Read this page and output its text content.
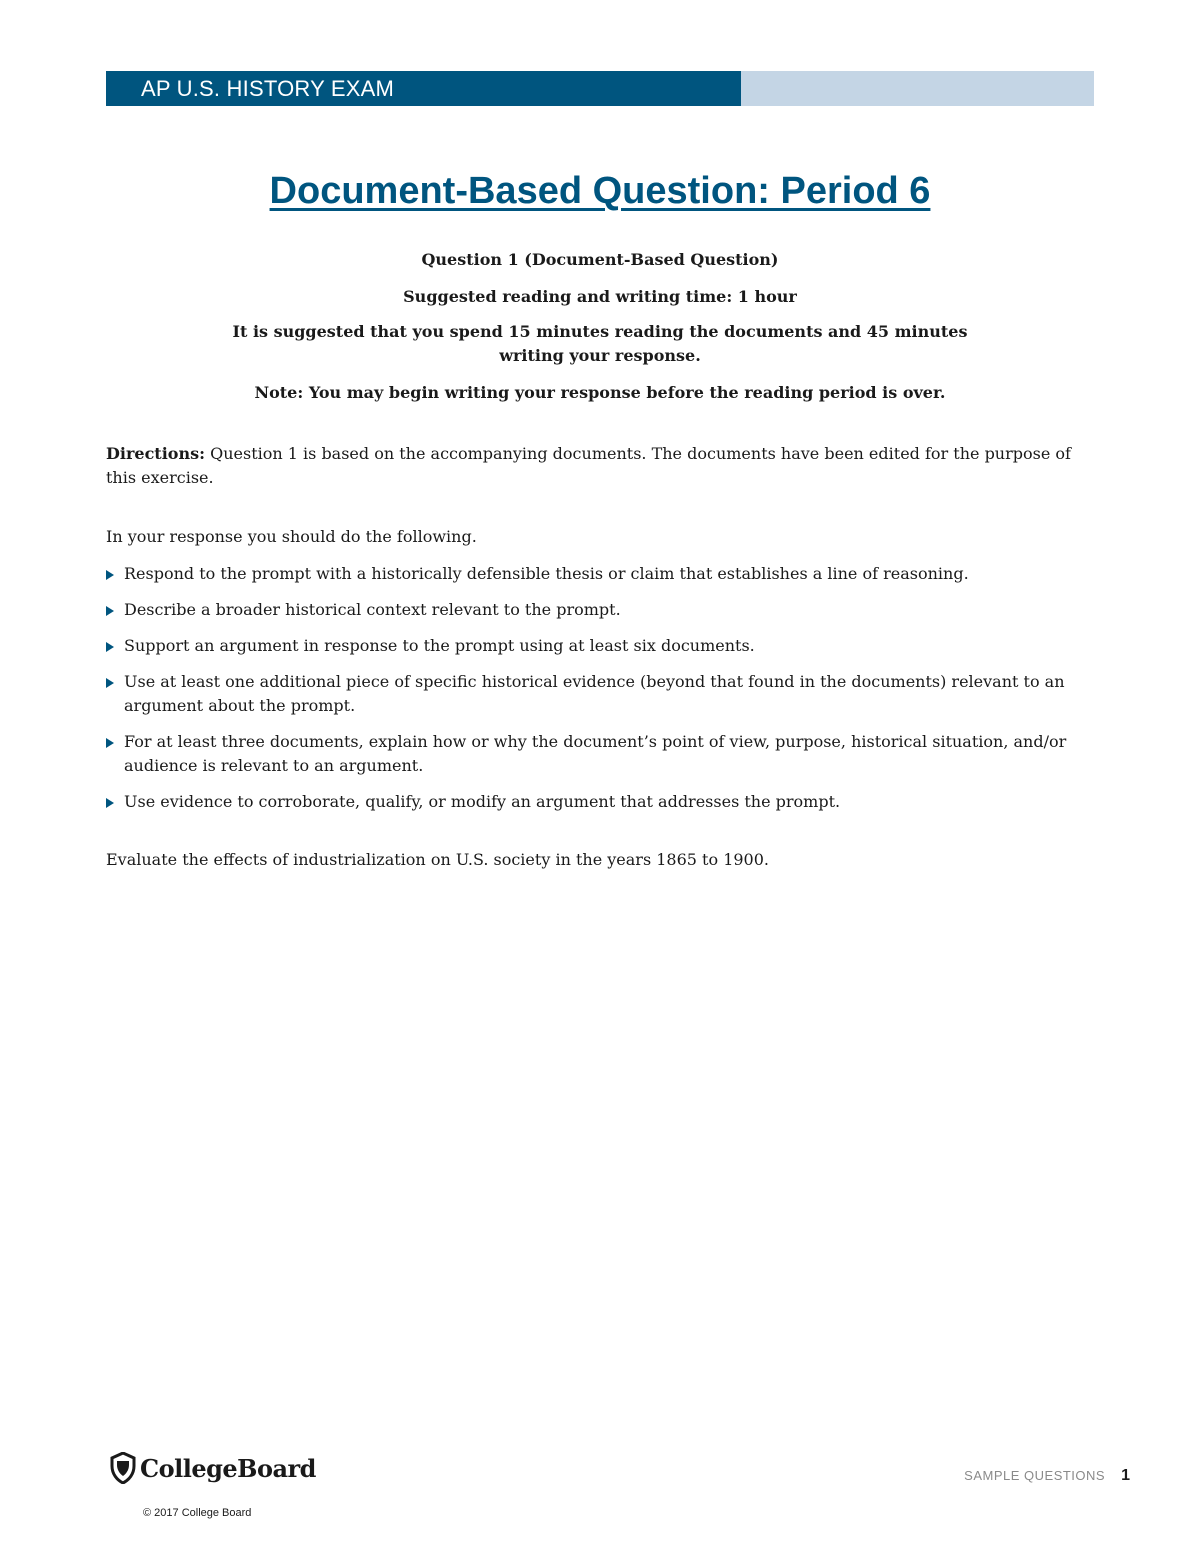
AP U.S. HISTORY EXAM
Document-Based Question: Period 6
Question 1 (Document-Based Question)
Suggested reading and writing time: 1 hour
It is suggested that you spend 15 minutes reading the documents and 45 minutes
writing your response.
Note: You may begin writing your response before the reading period is over.
Directions: Question 1 is based on the accompanying documents. The documents have been edited for the purpose of this exercise.
In your response you should do the following.
Respond to the prompt with a historically defensible thesis or claim that establishes a line of reasoning.
Describe a broader historical context relevant to the prompt.
Support an argument in response to the prompt using at least six documents.
Use at least one additional piece of specific historical evidence (beyond that found in the documents) relevant to an argument about the prompt.
For at least three documents, explain how or why the document’s point of view, purpose, historical situation, and/or audience is relevant to an argument.
Use evidence to corroborate, qualify, or modify an argument that addresses the prompt.
Evaluate the effects of industrialization on U.S. society in the years 1865 to 1900.
CollegeBoard
© 2017 College Board
SAMPLE QUESTIONS 1
